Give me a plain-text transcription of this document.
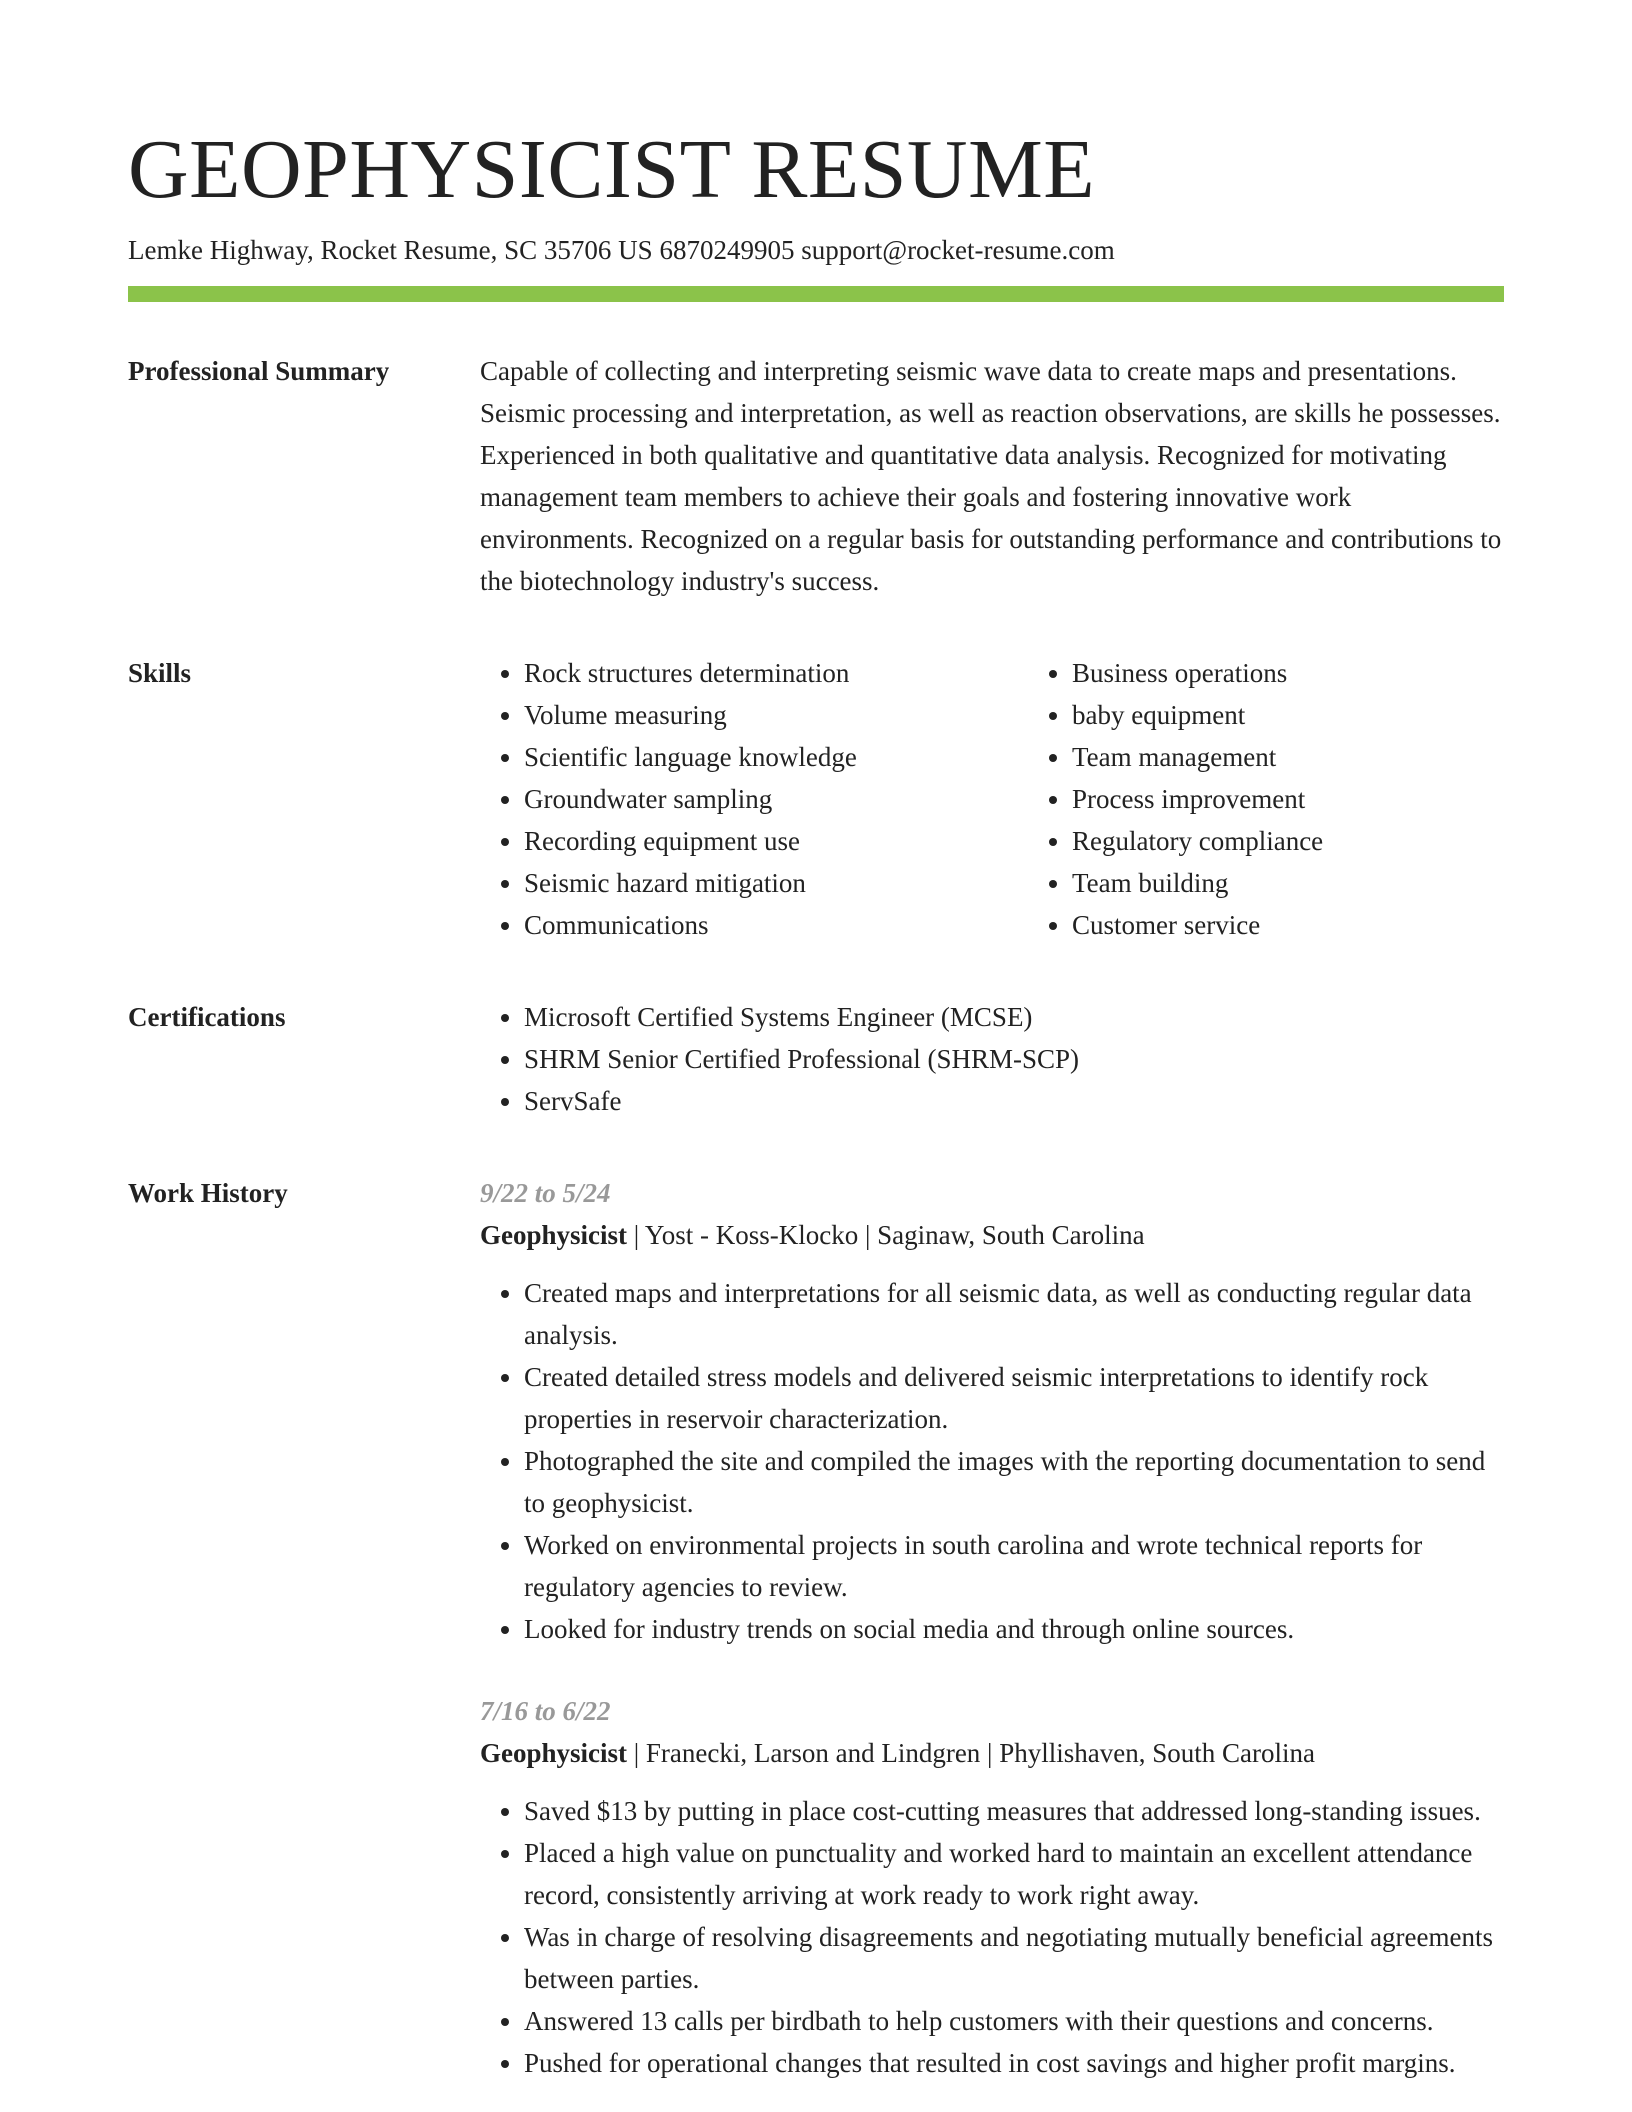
GEOPHYSICIST RESUME
Lemke Highway, Rocket Resume, SC 35706 US 6870249905 support@rocket-resume.com
Professional Summary	Capable of collecting and interpreting seismic wave data to create maps and presentations. Seismic processing and interpretation, as well as reaction observations, are skills he possesses. Experienced in both qualitative and quantitative data analysis. Recognized for motivating management team members to achieve their goals and fostering innovative work environments. Recognized on a regular basis for outstanding performance and contributions to the biotechnology industry's success.

Skills	• Rock structures determination
• Volume measuring
• Scientific language knowledge
• Groundwater sampling
• Recording equipment use
• Seismic hazard mitigation
• Communications
• Business operations
• baby equipment
• Team management
• Process improvement
• Regulatory compliance
• Team building
• Customer service
Certifications	• Microsoft Certified Systems Engineer (MCSE)
• SHRM Senior Certified Professional (SHRM-SCP)
• ServSafe
Work History	9/22 to 5/24
Geophysicist | Yost - Koss-Klocko | Saginaw, South Carolina
• Created maps and interpretations for all seismic data, as well as conducting regular data analysis.
• Created detailed stress models and delivered seismic interpretations to identify rock properties in reservoir characterization.
• Photographed the site and compiled the images with the reporting documentation to send to geophysicist.
• Worked on environmental projects in south carolina and wrote technical reports for regulatory agencies to review.
• Looked for industry trends on social media and through online sources.
7/16 to 6/22
Geophysicist | Franecki, Larson and Lindgren | Phyllishaven, South Carolina
• Saved $13 by putting in place cost-cutting measures that addressed long-standing issues.
• Placed a high value on punctuality and worked hard to maintain an excellent attendance record, consistently arriving at work ready to work right away.
• Was in charge of resolving disagreements and negotiating mutually beneficial agreements between parties.
• Answered 13 calls per birdbath to help customers with their questions and concerns.
• Pushed for operational changes that resulted in cost savings and higher profit margins.
